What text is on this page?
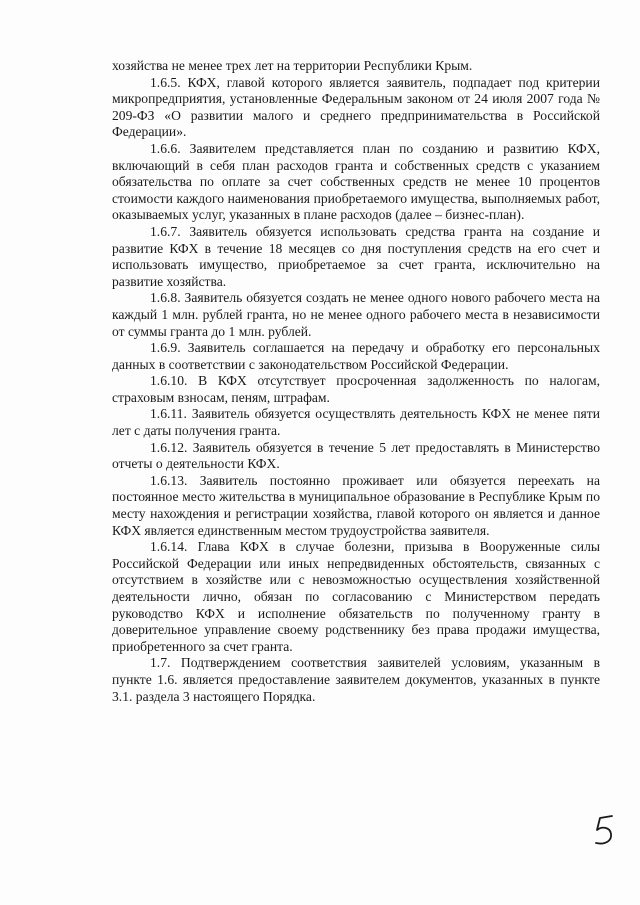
хозяйства не менее трех лет на территории Республики Крым.

1.6.5. КФХ, главой которого является заявитель, подпадает под критерии микропредприятия, установленные Федеральным законом от 24 июля 2007 года № 209-ФЗ «О развитии малого и среднего предпринимательства в Российской Федерации».

1.6.6. Заявителем представляется план по созданию и развитию КФХ, включающий в себя план расходов гранта и собственных средств с указанием обязательства по оплате за счет собственных средств не менее 10 процентов стоимости каждого наименования приобретаемого имущества, выполняемых работ, оказываемых услуг, указанных в плане расходов (далее – бизнес-план).

1.6.7. Заявитель обязуется использовать средства гранта на создание и развитие КФХ в течение 18 месяцев со дня поступления средств на его счет и использовать имущество, приобретаемое за счет гранта, исключительно на развитие хозяйства.

1.6.8. Заявитель обязуется создать не менее одного нового рабочего места на каждый 1 млн. рублей гранта, но не менее одного рабочего места в независимости от суммы гранта до 1 млн. рублей.

1.6.9. Заявитель соглашается на передачу и обработку его персональных данных в соответствии с законодательством Российской Федерации.

1.6.10. В КФХ отсутствует просроченная задолженность по налогам, страховым взносам, пеням, штрафам.

1.6.11. Заявитель обязуется осуществлять деятельность КФХ не менее пяти лет с даты получения гранта.

1.6.12. Заявитель обязуется в течение 5 лет предоставлять в Министерство отчеты о деятельности КФХ.

1.6.13. Заявитель постоянно проживает или обязуется переехать на постоянное место жительства в муниципальное образование в Республике Крым по месту нахождения и регистрации хозяйства, главой которого он является и данное КФХ является единственным местом трудоустройства заявителя.

1.6.14. Глава КФХ в случае болезни, призыва в Вооруженные силы Российской Федерации или иных непредвиденных обстоятельств, связанных с отсутствием в хозяйстве или с невозможностью осуществления хозяйственной деятельности лично, обязан по согласованию с Министерством передать руководство КФХ и исполнение обязательств по полученному гранту в доверительное управление своему родственнику без права продажи имущества, приобретенного за счет гранта.

1.7. Подтверждением соответствия заявителей условиям, указанным в пункте 1.6. является предоставление заявителем документов, указанных в пункте 3.1. раздела 3 настоящего Порядка.
